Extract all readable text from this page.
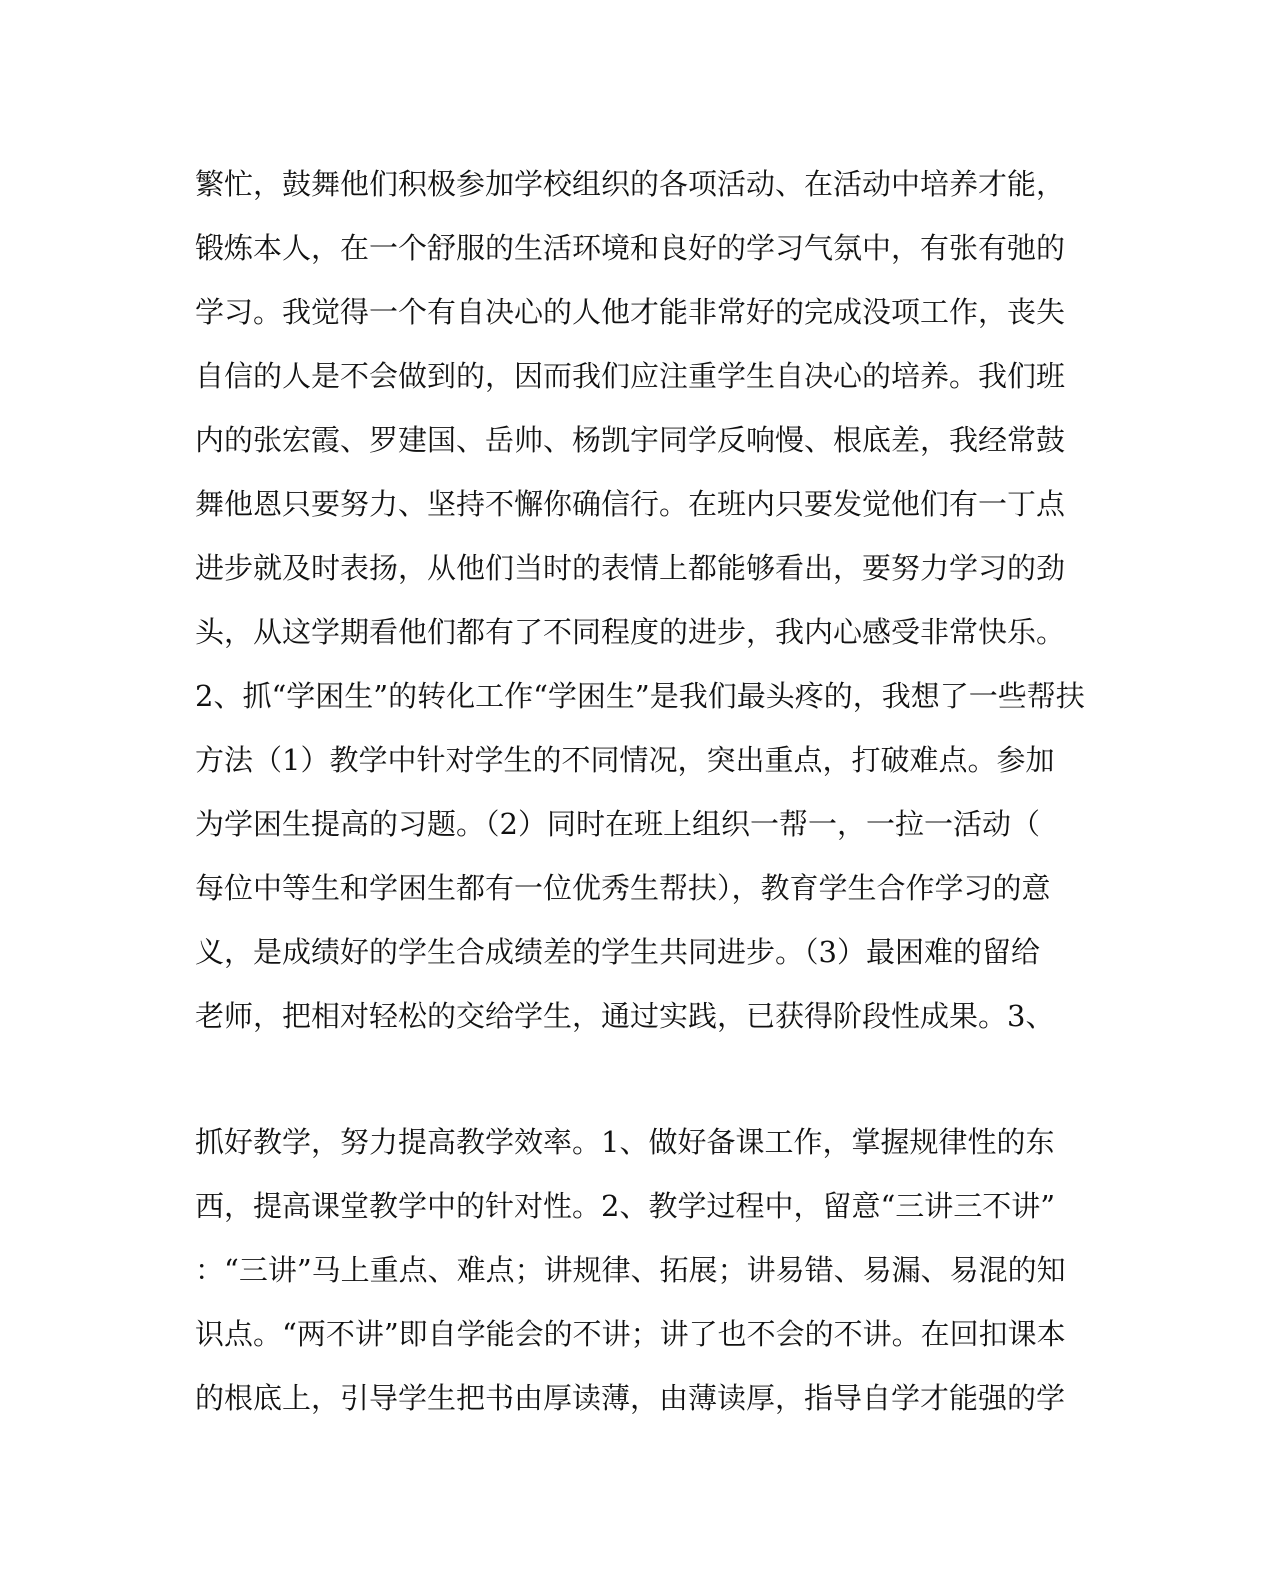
繁忙，鼓舞他们积极参加学校组织的各项活动、在活动中培养才能，
锻炼本人，在一个舒服的生活环境和良好的学习气氛中，有张有弛的
学习。我觉得一个有自决心的人他才能非常好的完成没项工作，丧失
自信的人是不会做到的，因而我们应注重学生自决心的培养。我们班
内的张宏霞、罗建国、岳帅、杨凯宇同学反响慢、根底差，我经常鼓
舞他恩只要努力、坚持不懈你确信行。在班内只要发觉他们有一丁点
进步就及时表扬，从他们当时的表情上都能够看出，要努力学习的劲
头，从这学期看他们都有了不同程度的进步，我内心感受非常快乐。
2、抓“学困生”的转化工作“学困生”是我们最头疼的，我想了一些帮扶
方法（1）教学中针对学生的不同情况，突出重点，打破难点。参加
为学困生提高的习题。（2）同时在班上组织一帮一，一拉一活动（
每位中等生和学困生都有一位优秀生帮扶），教育学生合作学习的意
义，是成绩好的学生合成绩差的学生共同进步。（3）最困难的留给
老师，把相对轻松的交给学生，通过实践，已获得阶段性成果。3、
抓好教学，努力提高教学效率。1、做好备课工作，掌握规律性的东
西，提高课堂教学中的针对性。2、教学过程中，留意“三讲三不讲”
：“三讲”马上重点、难点；讲规律、拓展；讲易错、易漏、易混的知
识点。“两不讲”即自学能会的不讲；讲了也不会的不讲。在回扣课本
的根底上，引导学生把书由厚读薄，由薄读厚，指导自学才能强的学
